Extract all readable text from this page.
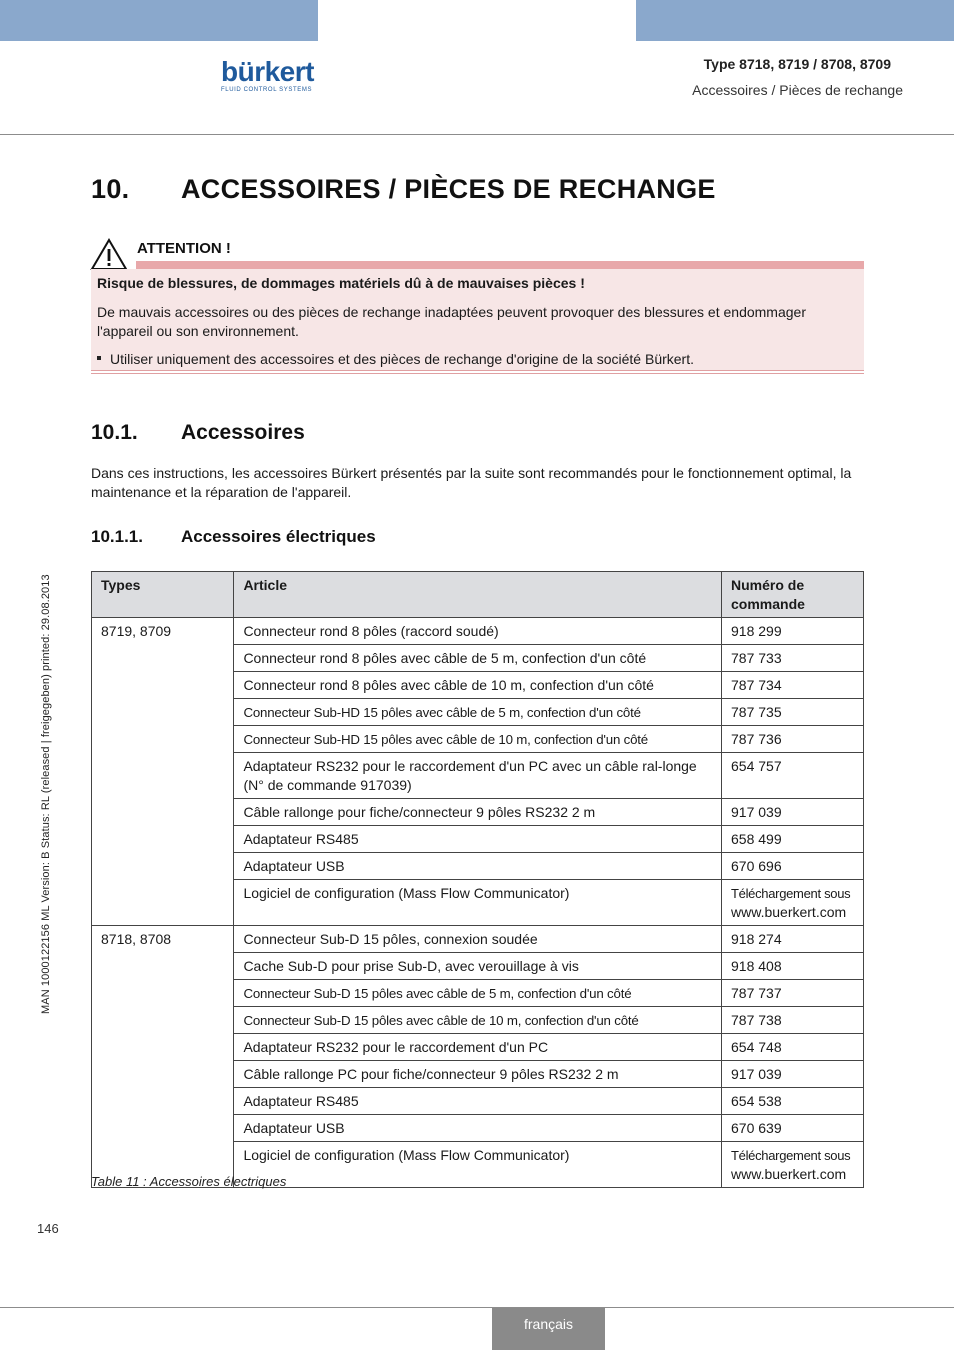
bürkert
FLUID CONTROL SYSTEMS
Type 8718, 8719 / 8708, 8709
Accessoires / Pièces de rechange
10. ACCESSOIRES / PIÈCES DE RECHANGE
ATTENTION !
Risque de blessures, de dommages matériels dû à de mauvaises pièces !
De mauvais accessoires ou des pièces de rechange inadaptées peuvent provoquer des blessures et endommager l'appareil ou son environnement.
Utiliser uniquement des accessoires et des pièces de rechange d'origine de la société Bürkert.
10.1. Accessoires
Dans ces instructions, les accessoires Bürkert présentés par la suite sont recommandés pour le fonctionnement optimal, la maintenance et la réparation de l'appareil.
10.1.1. Accessoires électriques
Types	Article	Numéro de commande
8719, 8709	Connecteur rond 8 pôles (raccord soudé)	918 299
	Connecteur rond 8 pôles avec câble de 5 m, confection d'un côté	787 733
	Connecteur rond 8 pôles avec câble de 10 m, confection d'un côté	787 734
	Connecteur Sub-HD 15 pôles avec câble de 5 m, confection d'un côté	787 735
	Connecteur Sub-HD 15 pôles avec câble de 10 m, confection d'un côté	787 736
	Adaptateur RS232 pour le raccordement d'un PC avec un câble ral-longe (N° de commande 917039)	654 757
	Câble rallonge pour fiche/connecteur 9 pôles RS232 2 m	917 039
	Adaptateur RS485	658 499
	Adaptateur USB	670 696
	Logiciel de configuration (Mass Flow Communicator)	Téléchargement sous
www.buerkert.com

8718, 8708	Connecteur Sub-D 15 pôles, connexion soudée	918 274
	Cache Sub-D pour prise Sub-D, avec verouillage à vis	918 408
	Connecteur Sub-D 15 pôles avec câble de 5 m, confection d'un côté	787 737
	Connecteur Sub-D 15 pôles avec câble de 10 m, confection d'un côté	787 738
	Adaptateur RS232 pour le raccordement d'un PC	654 748
	Câble rallonge PC pour fiche/connecteur 9 pôles RS232 2 m	917 039
	Adaptateur RS485	654 538
	Adaptateur USB	670 639
	Logiciel de configuration (Mass Flow Communicator)	Téléchargement sous
www.buerkert.com
Table 11 : Accessoires électriques
146
MAN 1000122156 ML Version: B Status: RL (released | freigegeben) printed: 29.08.2013
français
